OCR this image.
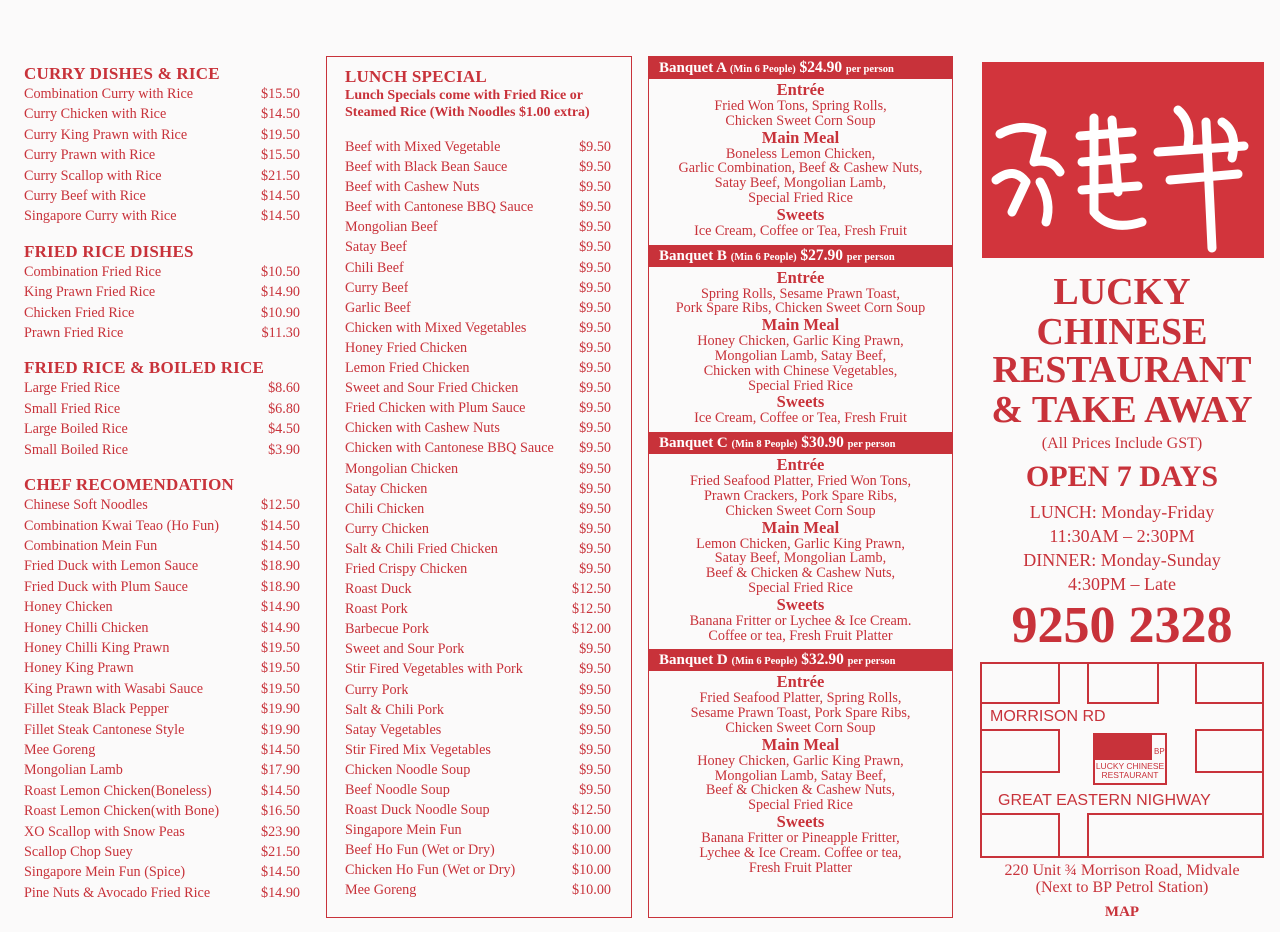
CURRY DISHES & RICE
Combination Curry with Rice	$15.50
Curry Chicken with Rice	$14.50
Curry King Prawn with Rice	$19.50
Curry Prawn with Rice	$15.50
Curry Scallop with Rice	$21.50
Curry Beef with Rice	$14.50
Singapore Curry with Rice	$14.50
FRIED RICE DISHES
Combination Fried Rice	$10.50
King Prawn Fried Rice	$14.90
Chicken Fried Rice	$10.90
Prawn Fried Rice	$11.30
FRIED RICE & BOILED RICE
Large Fried Rice	$8.60
Small Fried Rice	$6.80
Large Boiled Rice	$4.50
Small Boiled Rice	$3.90
CHEF RECOMENDATION
Chinese Soft Noodles	$12.50
Combination Kwai Teao (Ho Fun)	$14.50
Combination Mein Fun	$14.50
Fried Duck with Lemon Sauce	$18.90
Fried Duck with Plum Sauce	$18.90
Honey Chicken	$14.90
Honey Chilli Chicken	$14.90
Honey Chilli King Prawn	$19.50
Honey King Prawn	$19.50
King Prawn with Wasabi Sauce	$19.50
Fillet Steak Black Pepper	$19.90
Fillet Steak Cantonese Style	$19.90
Mee Goreng	$14.50
Mongolian Lamb	$17.90
Roast Lemon Chicken(Boneless)	$14.50
Roast Lemon Chicken(with Bone)	$16.50
XO Scallop with Snow Peas	$23.90
Scallop Chop Suey	$21.50
Singapore Mein Fun (Spice)	$14.50
Pine Nuts & Avocado Fried Rice	$14.90
LUNCH SPECIAL
Lunch Specials come with Fried Rice or
Steamed Rice (With Noodles $1.00 extra)
Beef with Mixed Vegetable	$9.50
Beef with Black Bean Sauce	$9.50
Beef with Cashew Nuts	$9.50
Beef with Cantonese BBQ Sauce	$9.50
Mongolian Beef	$9.50
Satay Beef	$9.50
Chili Beef	$9.50
Curry Beef	$9.50
Garlic Beef	$9.50
Chicken with Mixed Vegetables	$9.50
Honey Fried Chicken	$9.50
Lemon Fried Chicken	$9.50
Sweet and Sour Fried Chicken	$9.50
Fried Chicken with Plum Sauce	$9.50
Chicken with Cashew Nuts	$9.50
Chicken with Cantonese BBQ Sauce $9.50
Mongolian Chicken	$9.50
Satay Chicken	$9.50
Chili Chicken	$9.50
Curry Chicken	$9.50
Salt & Chili Fried Chicken	$9.50
Fried Crispy Chicken	$9.50
Roast Duck	$12.50
Roast Pork	$12.50
Barbecue Pork	$12.00
Sweet and Sour Pork	$9.50
Stir Fired Vegetables with Pork	$9.50
Curry Pork	$9.50
Salt & Chili Pork	$9.50
Satay Vegetables	$9.50
Stir Fired Mix Vegetables	$9.50
Chicken Noodle Soup	$9.50
Beef Noodle Soup	$9.50
Roast Duck Noodle Soup	$12.50
Singapore Mein Fun	$10.00
Beef Ho Fun (Wet or Dry)	$10.00
Chicken Ho Fun (Wet or Dry)	$10.00
Mee Goreng	$10.00
Banquet A (Min 6 People) $24.90 per person
Entrée
Fried Won Tons, Spring Rolls,
Chicken Sweet Corn Soup
Main Meal
Boneless Lemon Chicken,
Garlic Combination, Beef & Cashew Nuts,
Satay Beef, Mongolian Lamb,
Special Fried Rice
Sweets
Ice Cream, Coffee or Tea, Fresh Fruit
Banquet B (Min 6 People) $27.90 per person
Entrée
Spring Rolls, Sesame Prawn Toast,
Pork Spare Ribs, Chicken Sweet Corn Soup
Main Meal
Honey Chicken, Garlic King Prawn,
Mongolian Lamb, Satay Beef,
Chicken with Chinese Vegetables,
Special Fried Rice
Sweets
Ice Cream, Coffee or Tea, Fresh Fruit
Banquet C (Min 8 People) $30.90 per person
Entrée
Fried Seafood Platter, Fried Won Tons,
Prawn Crackers, Pork Spare Ribs,
Chicken Sweet Corn Soup
Main Meal
Lemon Chicken, Garlic King Prawn,
Satay Beef, Mongolian Lamb,
Beef & Chicken & Cashew Nuts,
Special Fried Rice
Sweets
Banana Fritter or Lychee & Ice Cream.
Coffee or tea, Fresh Fruit Platter
Banquet D (Min 6 People) $32.90 per person
Entrée
Fried Seafood Platter, Spring Rolls,
Sesame Prawn Toast, Pork Spare Ribs,
Chicken Sweet Corn Soup
Main Meal
Honey Chicken, Garlic King Prawn,
Mongolian Lamb, Satay Beef,
Beef & Chicken & Cashew Nuts,
Special Fried Rice
Sweets
Banana Fritter or Pineapple Fritter,
Lychee & Ice Cream. Coffee or tea,
Fresh Fruit Platter
LUCKY
CHINESE
RESTAURANT
& TAKE AWAY
(All Prices Include GST)
OPEN 7 DAYS
LUNCH: Monday-Friday
11:30AM – 2:30PM
DINNER: Monday-Sunday
4:30PM – Late
9250 2328
MORRISON RD
BP
LUCKY CHINESE
RESTAURANT
GREAT EASTERN NIGHWAY
220 Unit ¾ Morrison Road, Midvale
(Next to BP Petrol Station)
MAP
